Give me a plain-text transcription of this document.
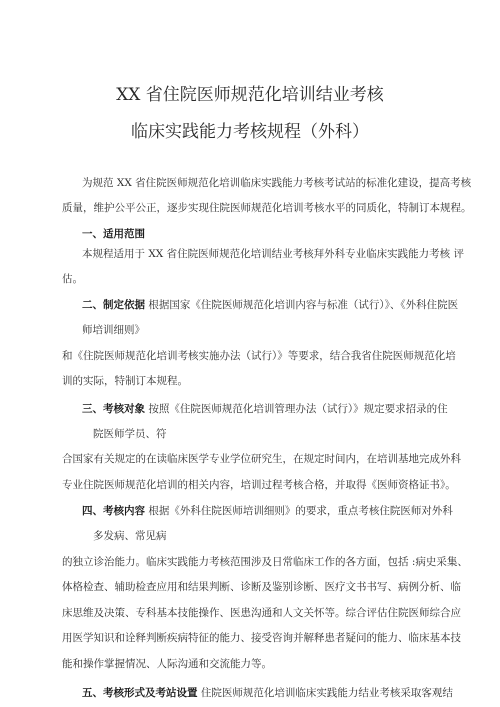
XX 省住院医师规范化培训结业考核
临床实践能力考核规程（外科）
为规范 XX 省住院医师规范化培训临床实践能力考核考试站的标准化建设，提高考核
质量，维护公平公正，逐步实现住院医师规范化培训考核水平的同质化，特制订本规程。
一、适用范围
本规程适用于 XX 省住院医师规范化培训结业考核拜外科专业临床实践能力考核 评
估。
二、制定依据 根据国家《住院医师规范化培训内容与标准（试行）》、《外科住院医
师培训细则》
和《住院医师规范化培训考核实施办法（试行）》等要求，结合我省住院医师规范化培
训的实际，特制订本规程。
三、考核对象 按照《住院医师规范化培训管理办法（试行）》规定要求招录的住
院医师学员、符
合国家有关规定的在读临床医学专业学位研究生，在规定时间内，在培训基地完成外科
专业住院医师规范化培训的相关内容，培训过程考核合格，并取得《医师资格证书》。
四、考核内容 根据《外科住院医师培训细则》的要求，重点考核住院医师对外科
多发病、常见病
的独立诊治能力。临床实践能力考核范围涉及日常临床工作的各方面，包括 :病史采集、
体格检查、辅助检查应用和结果判断、诊断及鉴别诊断、医疗文书书写、病例分析、临
床思维及决策、专科基本技能操作、医患沟通和人文关怀等。综合评估住院医师综合应
用医学知识和诠释判断疾病特征的能力、接受咨询并解释患者疑问的能力、临床基本技
能和操作掌握情况、人际沟通和交流能力等。
五、考核形式及考站设置 住院医师规范化培训临床实践能力结业考核采取客观结
